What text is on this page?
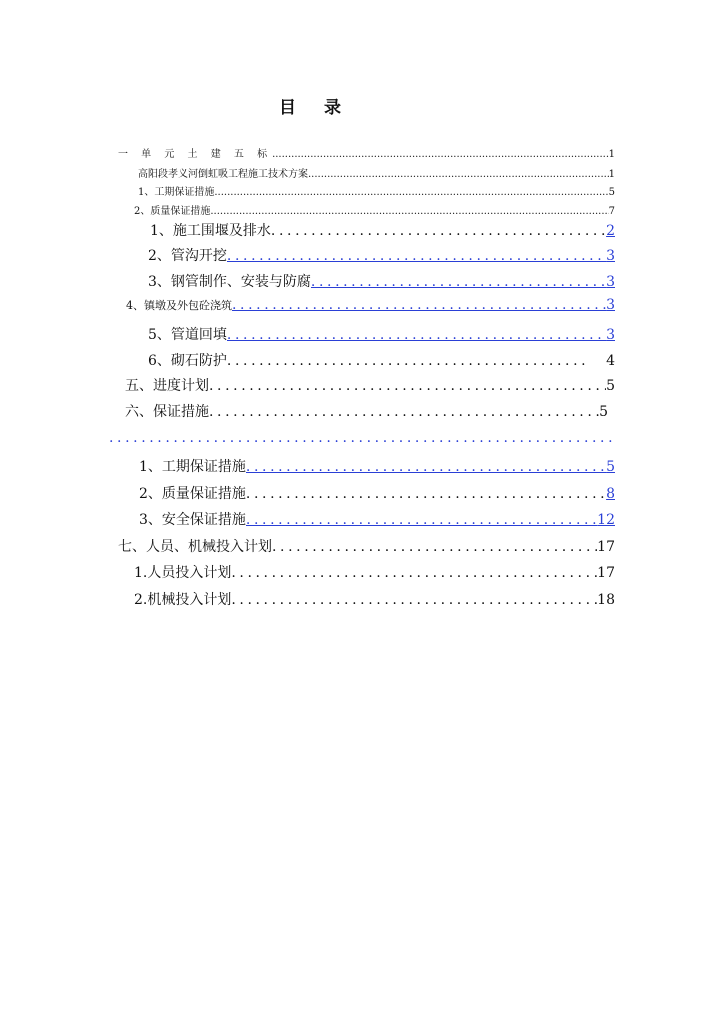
目 录
一 单 元 土 建 五 标 .....	1
高阳段孝义河倒虹吸工程施工技术方案 .....	1
1、工期保证措施 .....	5
2、质量保证措施 .....	7
1、施工围堰及排水 .....	2
2、管沟开挖 .....	3
3、钢管制作、安装与防腐 .....	3
4、镇墩及外包砼浇筑 .....	3
5、管道回填 .....	3
6、砌石防护 .....	4
五、进度计划 .....	5
六、保证措施 .....	5
.....
1、工期保证措施 .....	5
2、质量保证措施 .....	8
3、安全保证措施 .....	12
七、人员、机械投入计划 .....	17
1.人员投入计划 .....	17
2.机械投入计划 .....	18
